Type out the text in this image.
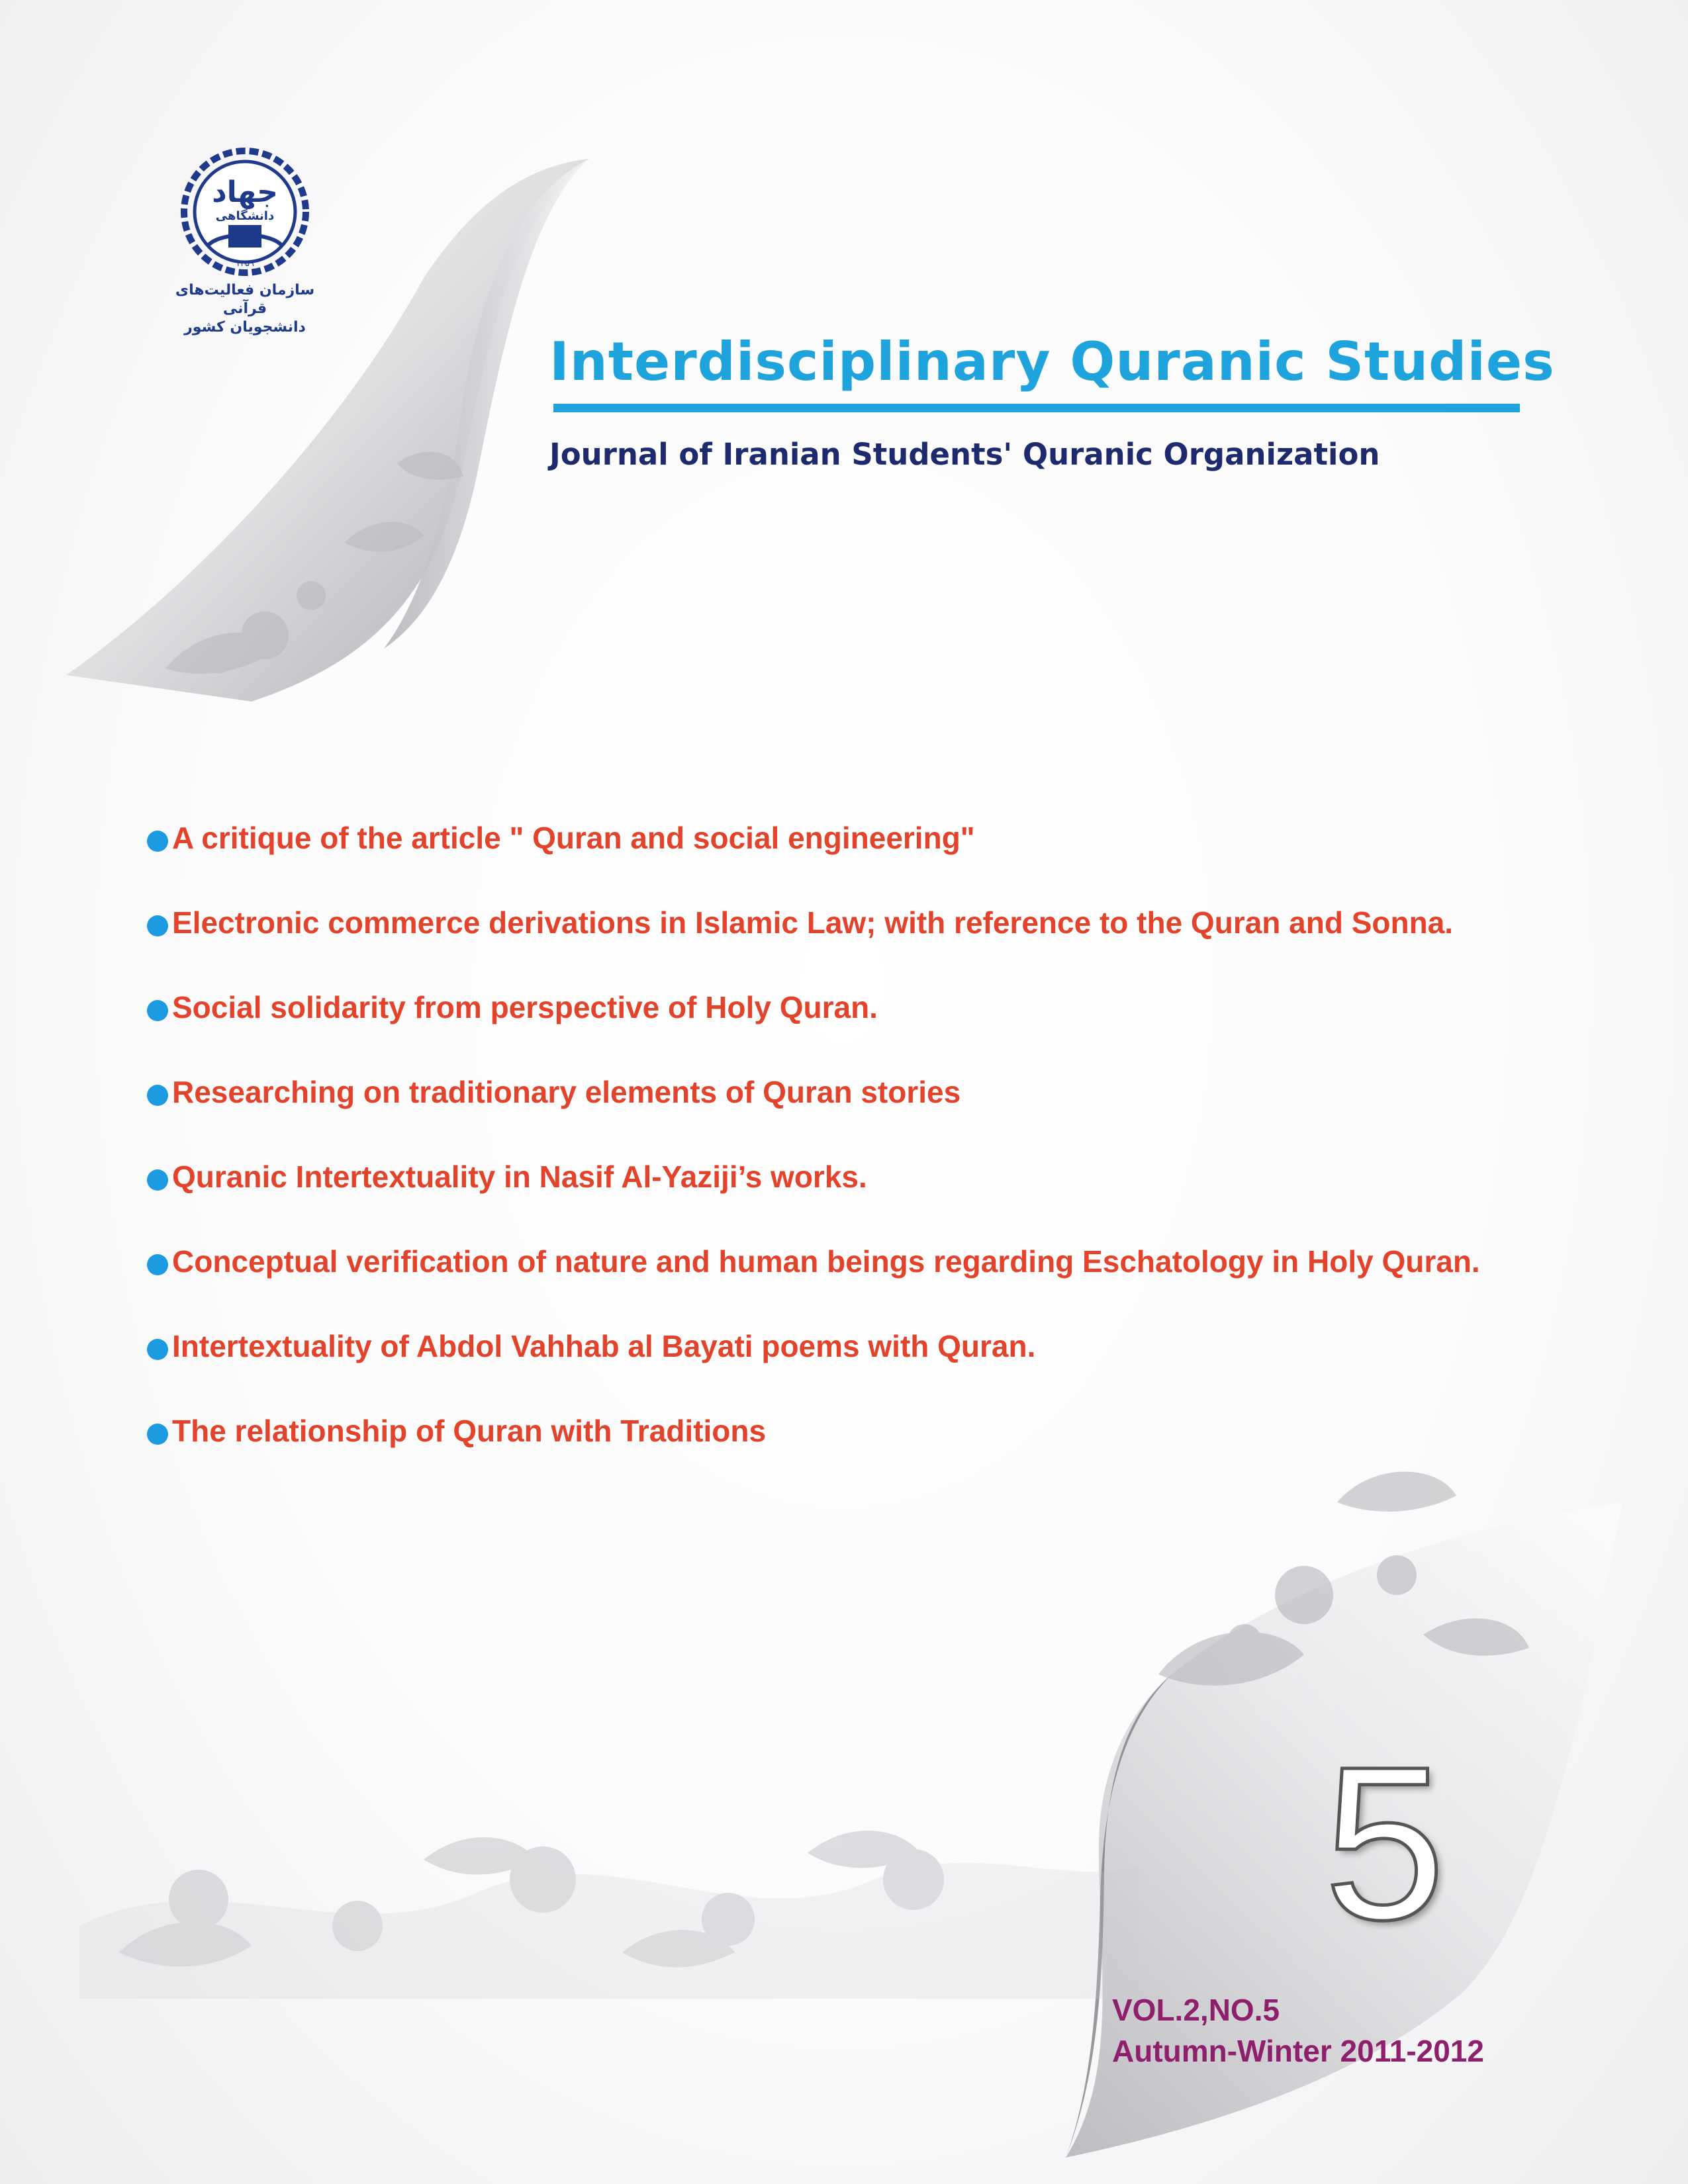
جهاد
دانشگاهی
۱۳۵۹
سازمان فعالیت‌های قرآنی
دانشجویان کشور
Interdisciplinary Quranic Studies
Journal of Iranian Students' Quranic Organization
A critique of the article " Quran and social engineering"
Electronic commerce derivations in Islamic Law; with reference to the Quran and Sonna.
Social solidarity from perspective of Holy Quran.
Researching on traditionary elements of Quran stories
Quranic Intertextuality in Nasif Al-Yaziji’s works.
Conceptual verification of nature and human beings regarding Eschatology in Holy Quran.
Intertextuality of Abdol Vahhab al Bayati poems with Quran.
The relationship of Quran with Traditions
5
VOL.2,NO.5
Autumn-Winter 2011-2012
